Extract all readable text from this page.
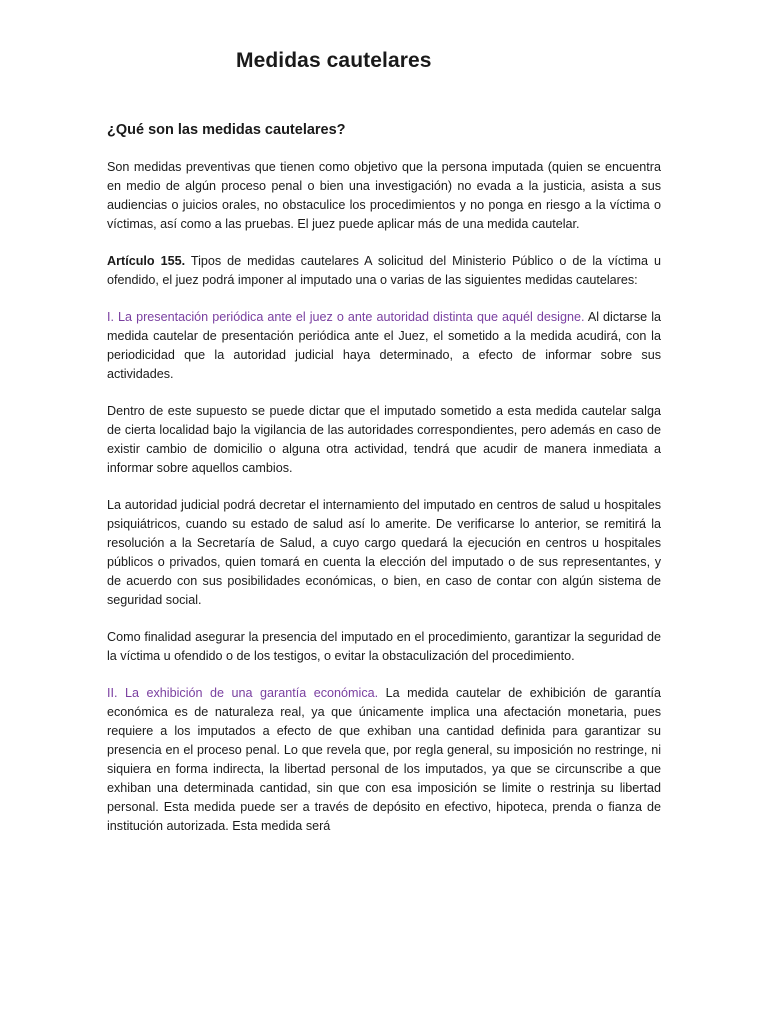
Medidas cautelares
¿Qué son las medidas cautelares?

Son medidas preventivas que tienen como objetivo que la persona imputada (quien se encuentra en medio de algún proceso penal o bien una investigación) no evada a la justicia, asista a sus audiencias o juicios orales, no obstaculice los procedimientos y no ponga en riesgo a la víctima o víctimas, así como a las pruebas. El juez puede aplicar más de una medida cautelar.

Artículo 155. Tipos de medidas cautelares A solicitud del Ministerio Público o de la víctima u ofendido, el juez podrá imponer al imputado una o varias de las siguientes medidas cautelares:

I. La presentación periódica ante el juez o ante autoridad distinta que aquél designe. Al dictarse la medida cautelar de presentación periódica ante el Juez, el sometido a la medida acudirá, con la periodicidad que la autoridad judicial haya determinado, a efecto de informar sobre sus actividades.

Dentro de este supuesto se puede dictar que el imputado sometido a esta medida cautelar salga de cierta localidad bajo la vigilancia de las autoridades correspondientes, pero además en caso de existir cambio de domicilio o alguna otra actividad, tendrá que acudir de manera inmediata a informar sobre aquellos cambios.

La autoridad judicial podrá decretar el internamiento del imputado en centros de salud u hospitales psiquiátricos, cuando su estado de salud así lo amerite. De verificarse lo anterior, se remitirá la resolución a la Secretaría de Salud, a cuyo cargo quedará la ejecución en centros u hospitales públicos o privados, quien tomará en cuenta la elección del imputado o de sus representantes, y de acuerdo con sus posibilidades económicas, o bien, en caso de contar con algún sistema de seguridad social.

Como finalidad asegurar la presencia del imputado en el procedimiento, garantizar la seguridad de la víctima u ofendido o de los testigos, o evitar la obstaculización del procedimiento.

II. La exhibición de una garantía económica. La medida cautelar de exhibición de garantía económica es de naturaleza real, ya que únicamente implica una afectación monetaria, pues requiere a los imputados a efecto de que exhiban una cantidad definida para garantizar su presencia en el proceso penal. Lo que revela que, por regla general, su imposición no restringe, ni siquiera en forma indirecta, la libertad personal de los imputados, ya que se circunscribe a que exhiban una determinada cantidad, sin que con esa imposición se limite o restrinja su libertad personal. Esta medida puede ser a través de depósito en efectivo, hipoteca, prenda o fianza de institución autorizada. Esta medida será
